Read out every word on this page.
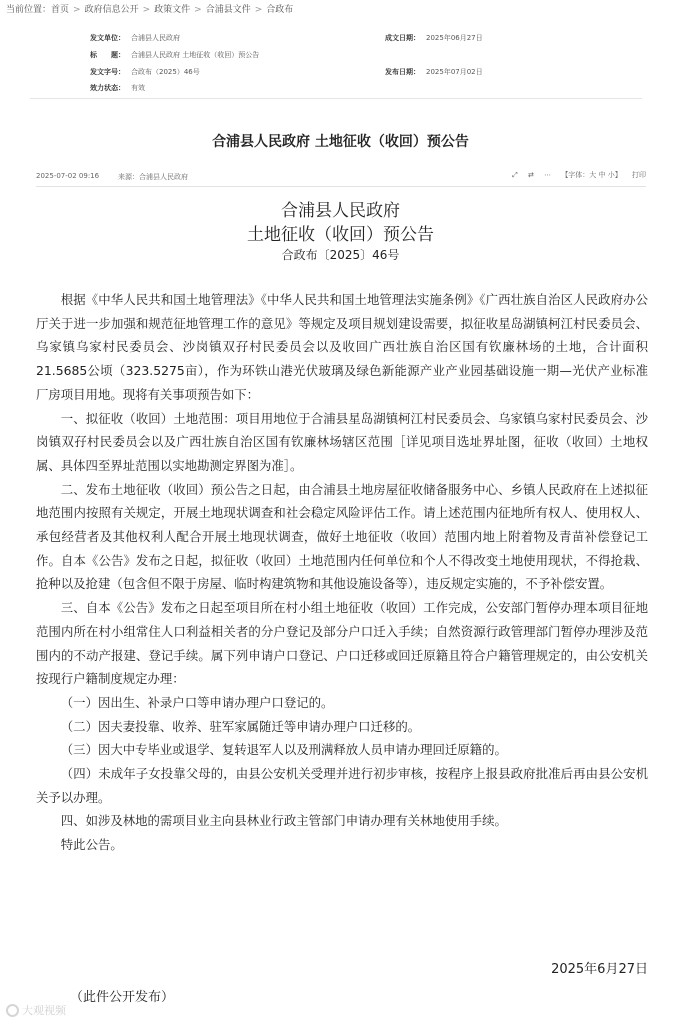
当前位置：首页 > 政府信息公开 > 政策文件 > 合浦县文件 > 合政布
发文单位： 合浦县人民政府	成文日期： 2025年06月27日
标　　题： 合浦县人民政府 土地征收（收回）预公告
发文字号： 合政布（2025）46号	发布日期： 2025年07月02日
效力状态： 有效
合浦县人民政府 土地征收（收回）预公告
2025-07-02 09:16	来源：合浦县人民政府	⤢ ⇄ ⋯ 【字体：大 中 小】 打印
合浦县人民政府
土地征收（收回）预公告
合政布〔2025〕46号

根据《中华人民共和国土地管理法》《中华人民共和国土地管理法实施条例》《广西壮族自治区人民政府办公厅关于进一步加强和规范征地管理工作的意见》等规定及项目规划建设需要，拟征收星岛湖镇柯江村民委员会、乌家镇乌家村民委员会、沙岗镇双孖村民委员会以及收回广西壮族自治区国有钦廉林场的土地，合计面积21.5685公顷（323.5275亩），作为环铁山港光伏玻璃及绿色新能源产业产业园基础设施一期—光伏产业标准厂房项目用地。现将有关事项预告如下：

一、拟征收（收回）土地范围：项目用地位于合浦县星岛湖镇柯江村民委员会、乌家镇乌家村民委员会、沙岗镇双孖村民委员会以及广西壮族自治区国有钦廉林场辖区范围［详见项目选址界址图，征收（收回）土地权属、具体四至界址范围以实地勘测定界图为准］。

二、发布土地征收（收回）预公告之日起，由合浦县土地房屋征收储备服务中心、乡镇人民政府在上述拟征地范围内按照有关规定，开展土地现状调查和社会稳定风险评估工作。请上述范围内征地所有权人、使用权人、承包经营者及其他权利人配合开展土地现状调查，做好土地征收（收回）范围内地上附着物及青苗补偿登记工作。自本《公告》发布之日起，拟征收（收回）土地范围内任何单位和个人不得改变土地使用现状，不得抢栽、抢种以及抢建（包含但不限于房屋、临时构建筑物和其他设施设备等），违反规定实施的，不予补偿安置。

三、自本《公告》发布之日起至项目所在村小组土地征收（收回）工作完成，公安部门暂停办理本项目征地范围内所在村小组常住人口利益相关者的分户登记及部分户口迁入手续；自然资源行政管理部门暂停办理涉及范围内的不动产报建、登记手续。属下列申请户口登记、户口迁移或回迁原籍且符合户籍管理规定的，由公安机关按现行户籍制度规定办理：

（一）因出生、补录户口等申请办理户口登记的。

（二）因夫妻投靠、收养、驻军家属随迁等申请办理户口迁移的。

（三）因大中专毕业或退学、复转退军人以及刑满释放人员申请办理回迁原籍的。

（四）未成年子女投靠父母的，由县公安机关受理并进行初步审核，按程序上报县政府批准后再由县公安机关予以办理。

四、如涉及林地的需项目业主向县林业行政主管部门申请办理有关林地使用手续。

特此公告。

2025年6月27日
（此件公开发布）
大观视频
